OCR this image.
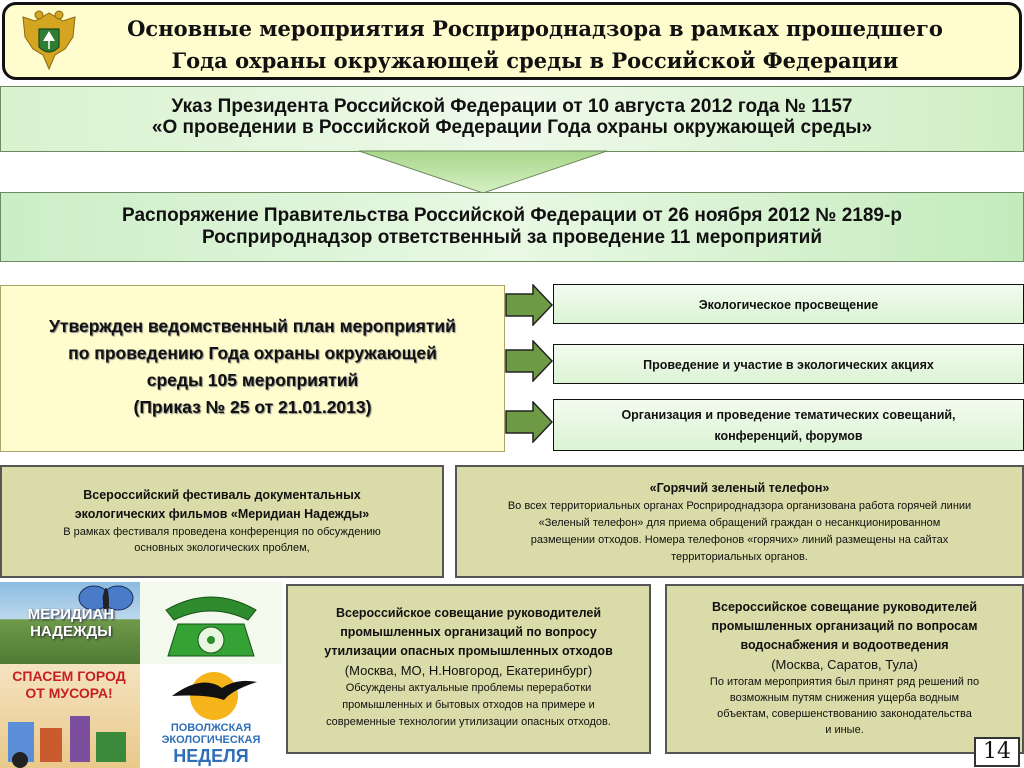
Основные мероприятия Росприроднадзора в рамках прошедшего
Года охраны окружающей среды в Российской Федерации
Указ Президента Российской Федерации от 10 августа 2012 года № 1157
«О проведении в Российской Федерации Года охраны окружающей среды»
Распоряжение Правительства Российской Федерации от 26 ноября 2012 № 2189-р
Росприроднадзор ответственный за проведение 11 мероприятий
Утвержден ведомственный план мероприятий
по проведению Года охраны окружающей
среды 105 мероприятий
(Приказ № 25 от 21.01.2013)
Экологическое просвещение
Проведение и участие в экологических акциях
Организация и проведение тематических совещаний,
конференций, форумов
Всероссийский фестиваль документальных
экологических фильмов «Меридиан Надежды»
В рамках фестиваля проведена конференция по обсуждению
основных экологических проблем,
«Горячий зеленый телефон»
Во всех территориальных органах Росприроднадзора организована работа горячей линии
«Зеленый телефон» для приема обращений граждан о несанкционированном
размещении отходов. Номера телефонов «горячих» линий размещены на сайтах
территориальных органов.
МЕРИДИАН
НАДЕЖДЫ
СПАСЕМ ГОРОД
ОТ МУСОРА!
ПОВОЛЖСКАЯ
ЭКОЛОГИЧЕСКАЯ
НЕДЕЛЯ
Всероссийское совещание руководителей
промышленных организаций по вопросу
утилизации опасных промышленных отходов
(Москва, МО, Н.Новгород, Екатеринбург)
Обсуждены актуальные проблемы переработки
промышленных и бытовых отходов на примере и
современные технологии утилизации опасных отходов.
Всероссийское совещание руководителей
промышленных организаций по вопросам
водоснабжения и водоотведения
(Москва, Саратов, Тула)
По итогам мероприятия был принят ряд решений по
возможным путям снижения ущерба водным
объектам, совершенствованию законодательства
и иные.
14
